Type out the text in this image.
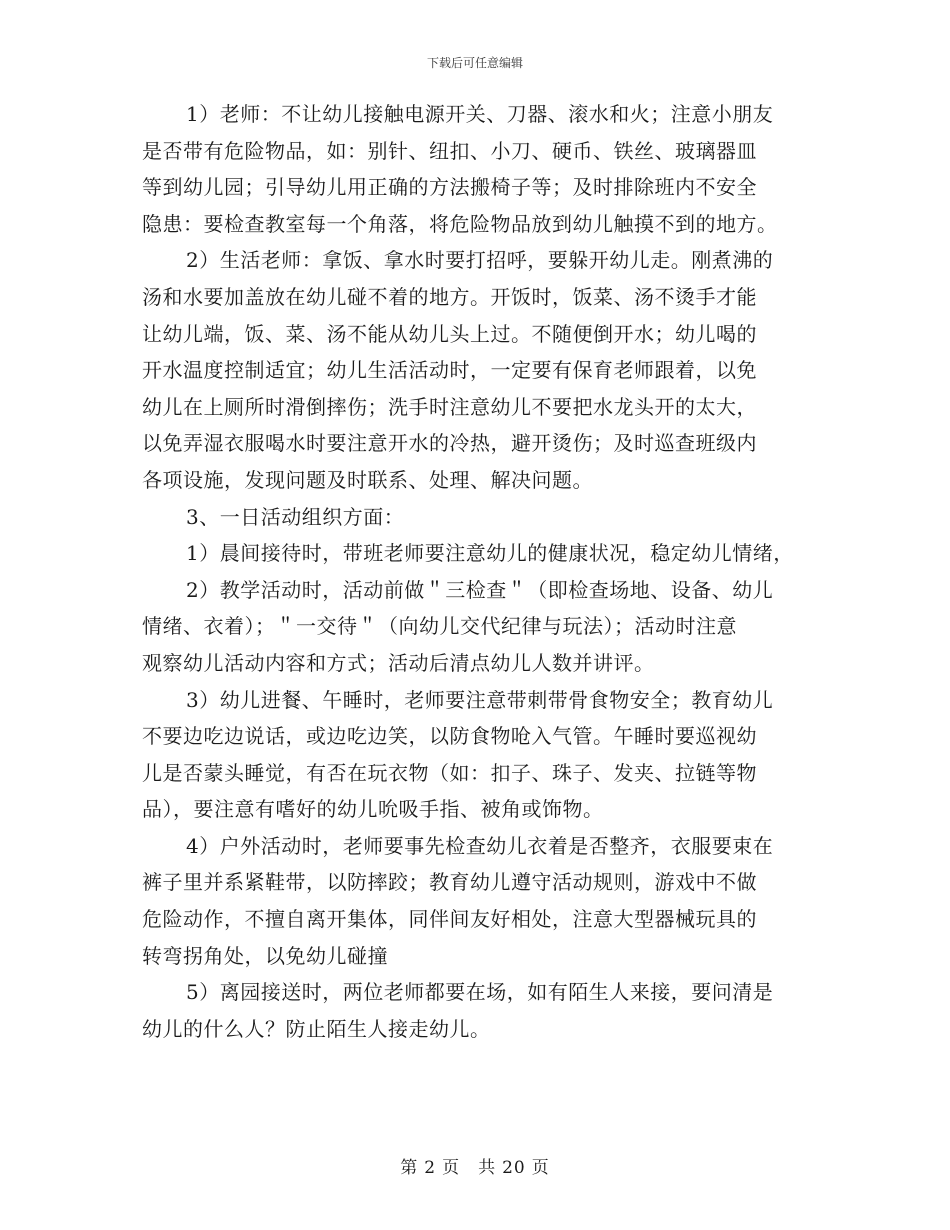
下载后可任意编辑
1）老师：不让幼儿接触电源开关、刀器、滚水和火；注意小朋友
是否带有危险物品，如：别针、纽扣、小刀、硬币、铁丝、玻璃器皿
等到幼儿园；引导幼儿用正确的方法搬椅子等；及时排除班内不安全
隐患：要检查教室每一个角落，将危险物品放到幼儿触摸不到的地方。
2）生活老师：拿饭、拿水时要打招呼，要躲开幼儿走。刚煮沸的
汤和水要加盖放在幼儿碰不着的地方。开饭时，饭菜、汤不烫手才能
让幼儿端，饭、菜、汤不能从幼儿头上过。不随便倒开水；幼儿喝的
开水温度控制适宜；幼儿生活活动时，一定要有保育老师跟着，以免
幼儿在上厕所时滑倒摔伤；洗手时注意幼儿不要把水龙头开的太大，
以免弄湿衣服喝水时要注意开水的冷热，避开烫伤；及时巡查班级内
各项设施，发现问题及时联系、处理、解决问题。
3、一日活动组织方面：
1）晨间接待时，带班老师要注意幼儿的健康状况，稳定幼儿情绪，
2）教学活动时，活动前做＂三检查＂（即检查场地、设备、幼儿
情绪、衣着）；＂一交待＂（向幼儿交代纪律与玩法）；活动时注意
观察幼儿活动内容和方式；活动后清点幼儿人数并讲评。
3）幼儿进餐、午睡时，老师要注意带刺带骨食物安全；教育幼儿
不要边吃边说话，或边吃边笑，以防食物呛入气管。午睡时要巡视幼
儿是否蒙头睡觉，有否在玩衣物（如：扣子、珠子、发夹、拉链等物
品），要注意有嗜好的幼儿吮吸手指、被角或饰物。
4）户外活动时，老师要事先检查幼儿衣着是否整齐，衣服要束在
裤子里并系紧鞋带，以防摔跤；教育幼儿遵守活动规则，游戏中不做
危险动作，不擅自离开集体，同伴间友好相处，注意大型器械玩具的
转弯拐角处，以免幼儿碰撞
5）离园接送时，两位老师都要在场，如有陌生人来接，要问清是
幼儿的什么人？防止陌生人接走幼儿。
第 2 页　共 20 页
